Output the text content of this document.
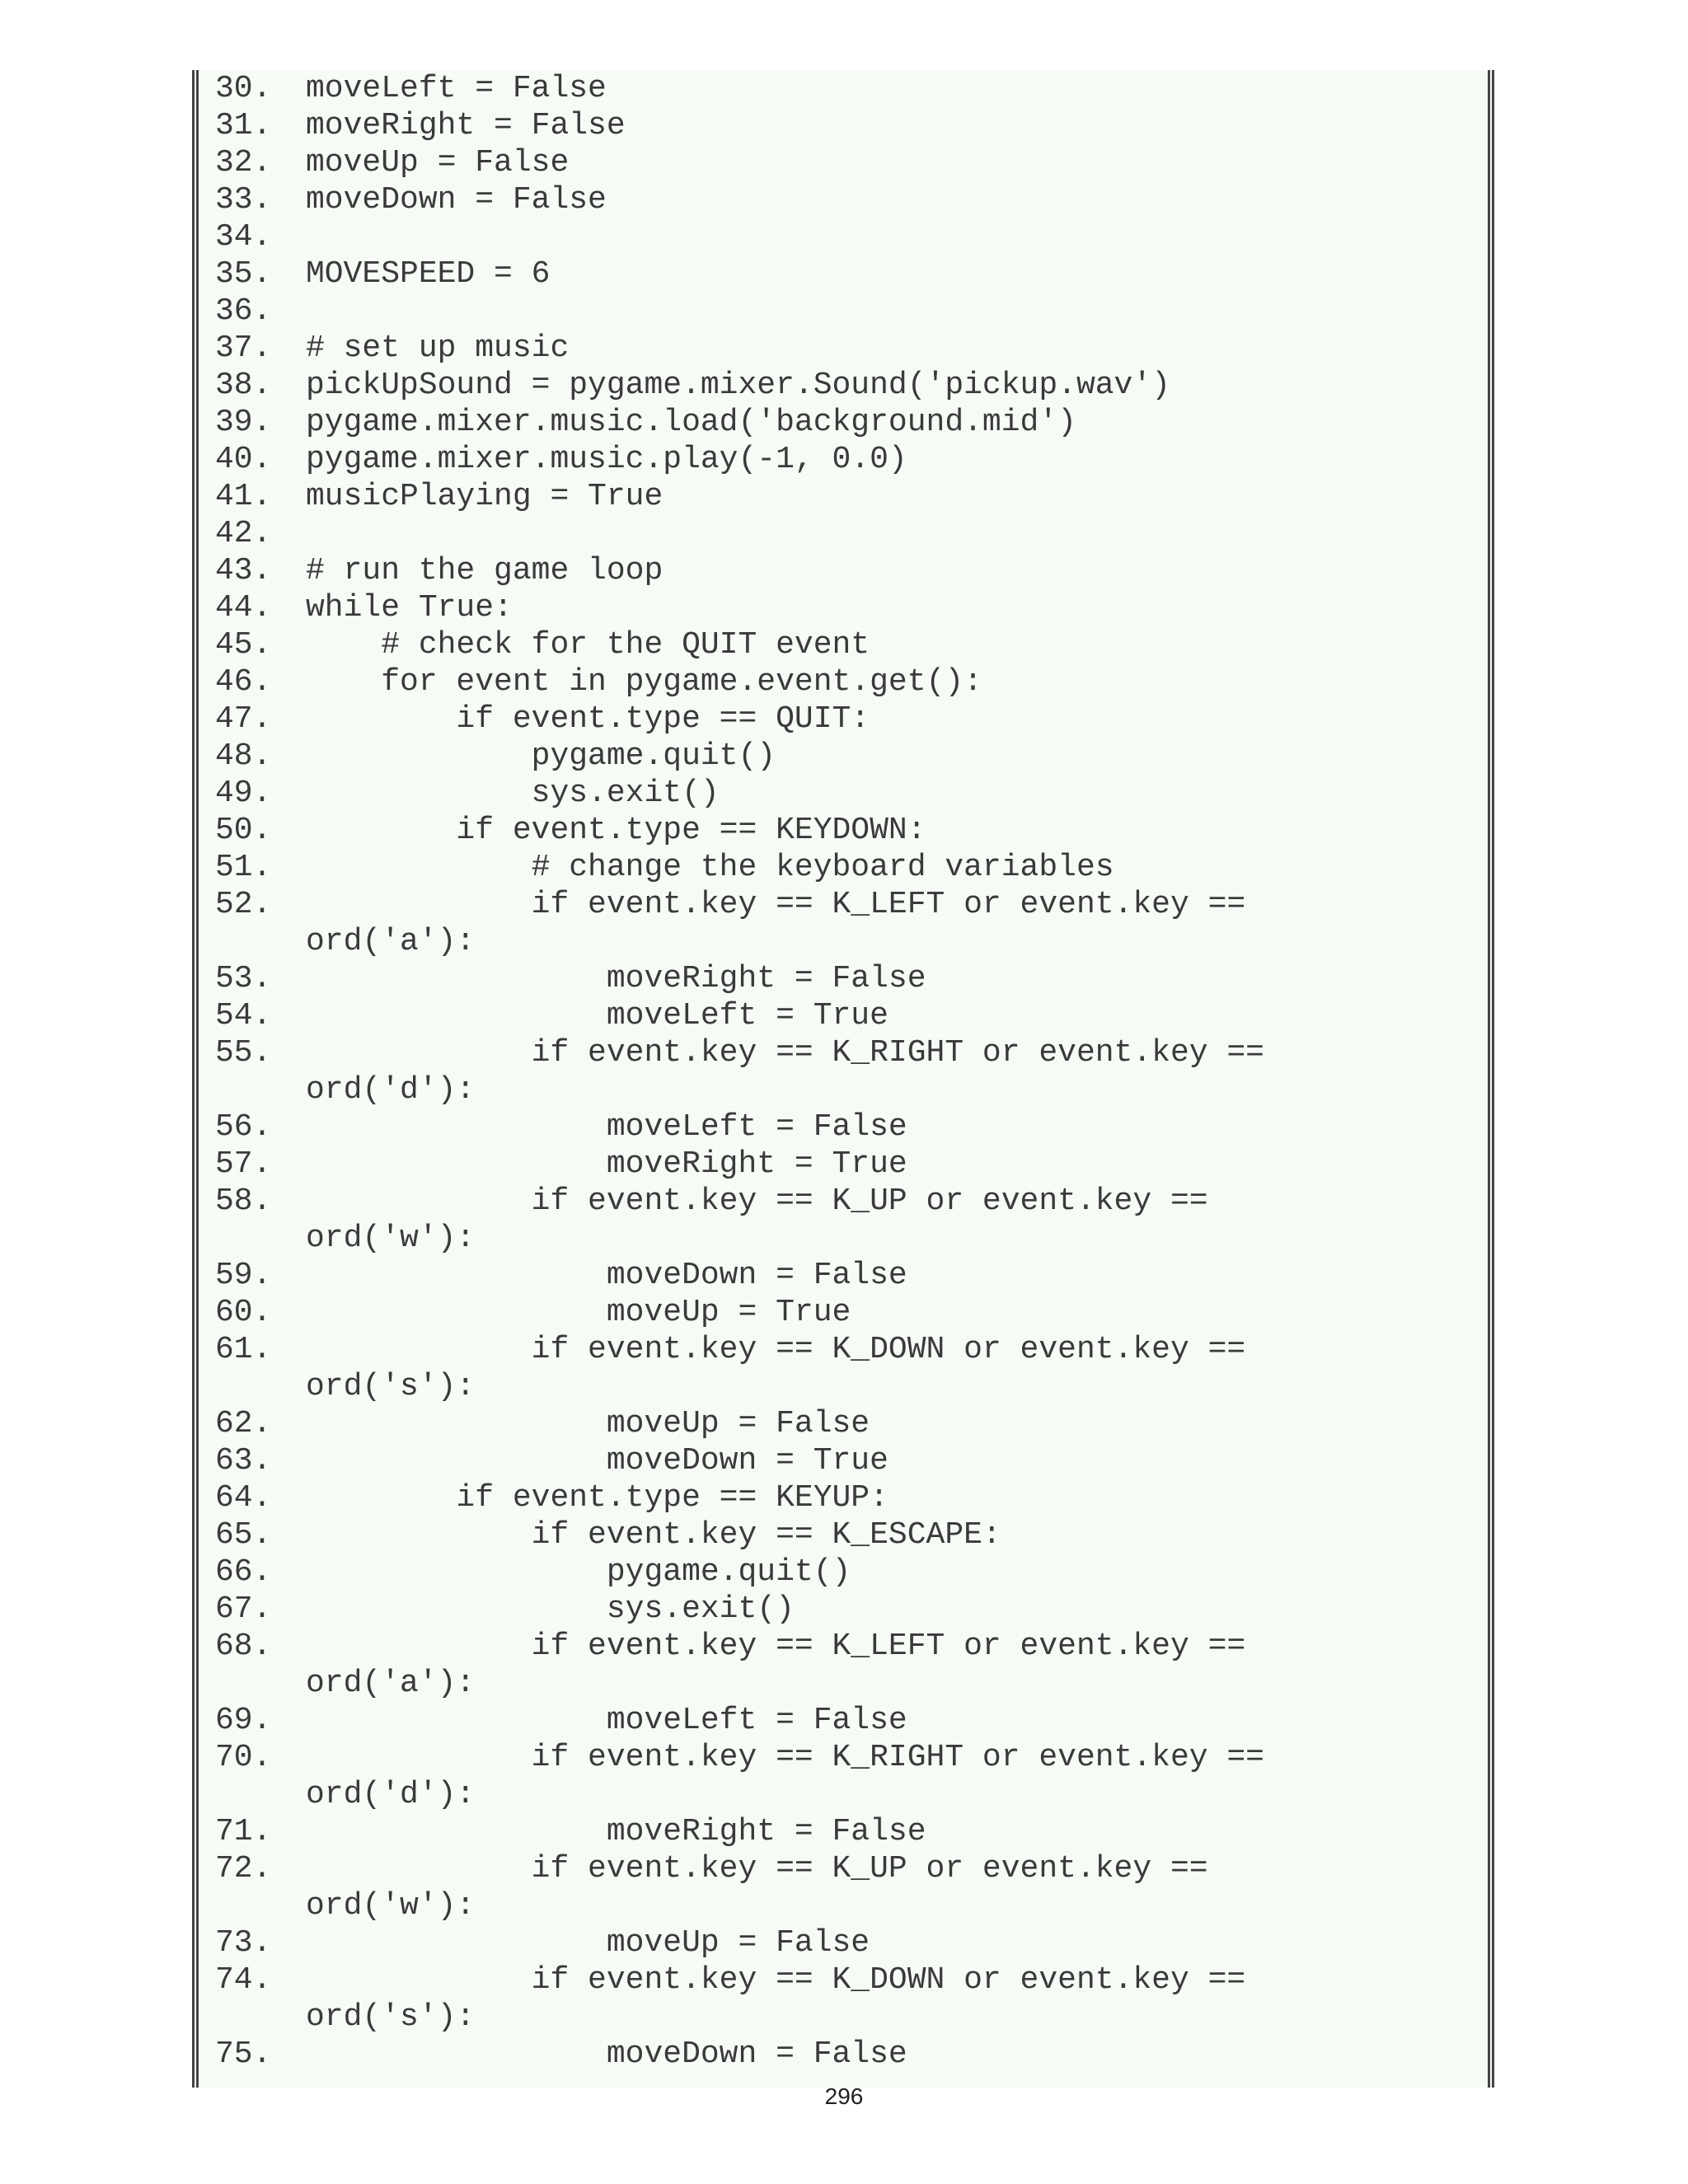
30.	moveLeft = False
31.	moveRight = False
32.	moveUp = False
33.	moveDown = False
34.
35.	MOVESPEED = 6
36.
37.	# set up music
38.	pickUpSound = pygame.mixer.Sound('pickup.wav')
39.	pygame.mixer.music.load('background.mid')
40.	pygame.mixer.music.play(-1, 0.0)
41.	musicPlaying = True
42.
43.	# run the game loop
44.	while True:
45.	# check for the QUIT event
46.	for event in pygame.event.get():
47.	if event.type == QUIT:
48.	pygame.quit()
49.	sys.exit()
50.	if event.type == KEYDOWN:
51.	# change the keyboard variables
52.	if event.key == K_LEFT or event.key ==
ord('a'):
53.	moveRight = False
54.	moveLeft = True
55.	if event.key == K_RIGHT or event.key ==
ord('d'):
56.	moveLeft = False
57.	moveRight = True
58.	if event.key == K_UP or event.key ==
ord('w'):
59.	moveDown = False
60.	moveUp = True
61.	if event.key == K_DOWN or event.key ==
ord('s'):
62.	moveUp = False
63.	moveDown = True
64.	if event.type == KEYUP:
65.	if event.key == K_ESCAPE:
66.	pygame.quit()
67.	sys.exit()
68.	if event.key == K_LEFT or event.key ==
ord('a'):
69.	moveLeft = False
70.	if event.key == K_RIGHT or event.key ==
ord('d'):
71.	moveRight = False
72.	if event.key == K_UP or event.key ==
ord('w'):
73.	moveUp = False
74.	if event.key == K_DOWN or event.key ==
ord('s'):
75.	moveDown = False
296
